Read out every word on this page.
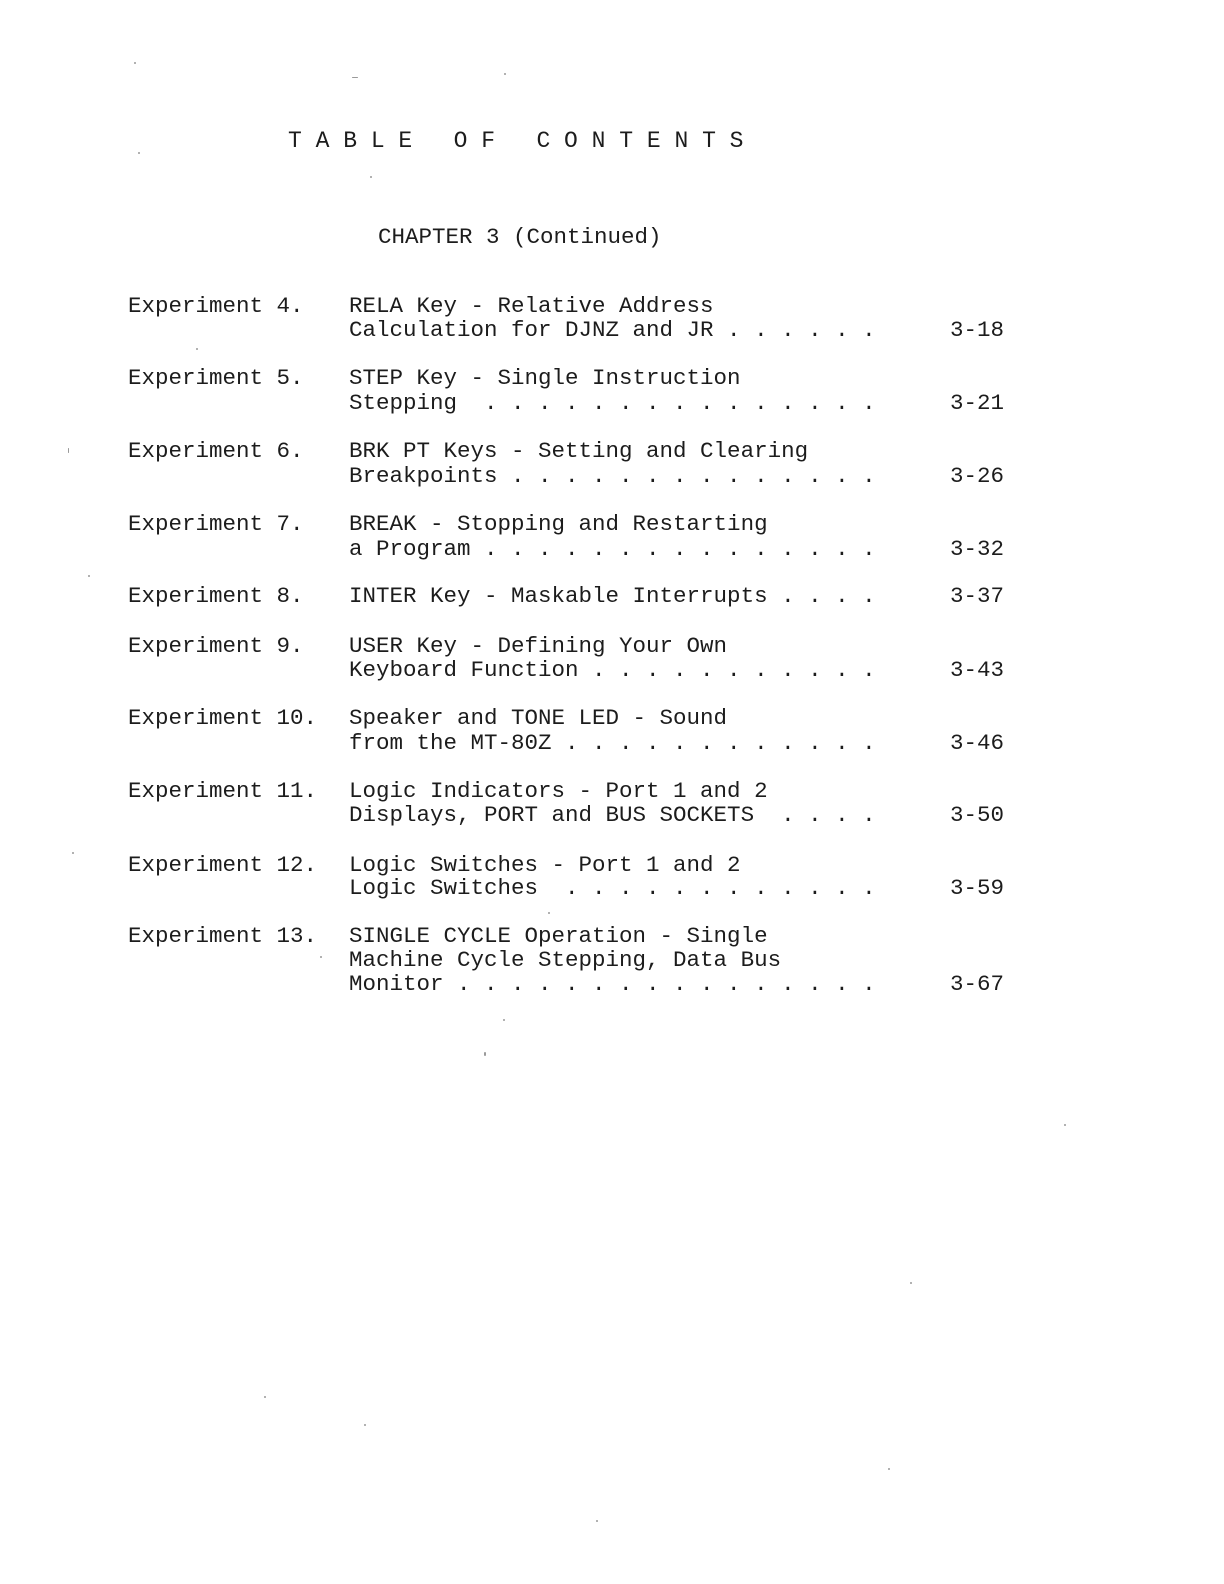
T A B L E   O F   C O N T E N T S
CHAPTER 3 (Continued)
Experiment 4. RELA Key - Relative Address
Calculation for DJNZ and JR . . . . . .	3-18
Experiment 5. STEP Key - Single Instruction
Stepping  . . . . . . . . . . . . . . .	3-21
Experiment 6. BRK PT Keys - Setting and Clearing
Breakpoints . . . . . . . . . . . . . .	3-26
Experiment 7. BREAK - Stopping and Restarting
a Program . . . . . . . . . . . . . . .	3-32
Experiment 8. INTER Key - Maskable Interrupts . . . .	3-37
Experiment 9. USER Key - Defining Your Own
Keyboard Function . . . . . . . . . . .	3-43
Experiment 10. Speaker and TONE LED - Sound
from the MT-80Z . . . . . . . . . . . .	3-46
Experiment 11. Logic Indicators - Port 1 and 2
Displays, PORT and BUS SOCKETS  . . . .	3-50
Experiment 12. Logic Switches - Port 1 and 2
Logic Switches  . . . . . . . . . . . .	3-59
Experiment 13. SINGLE CYCLE Operation - Single
Machine Cycle Stepping, Data Bus
Monitor . . . . . . . . . . . . . . . .	3-67
